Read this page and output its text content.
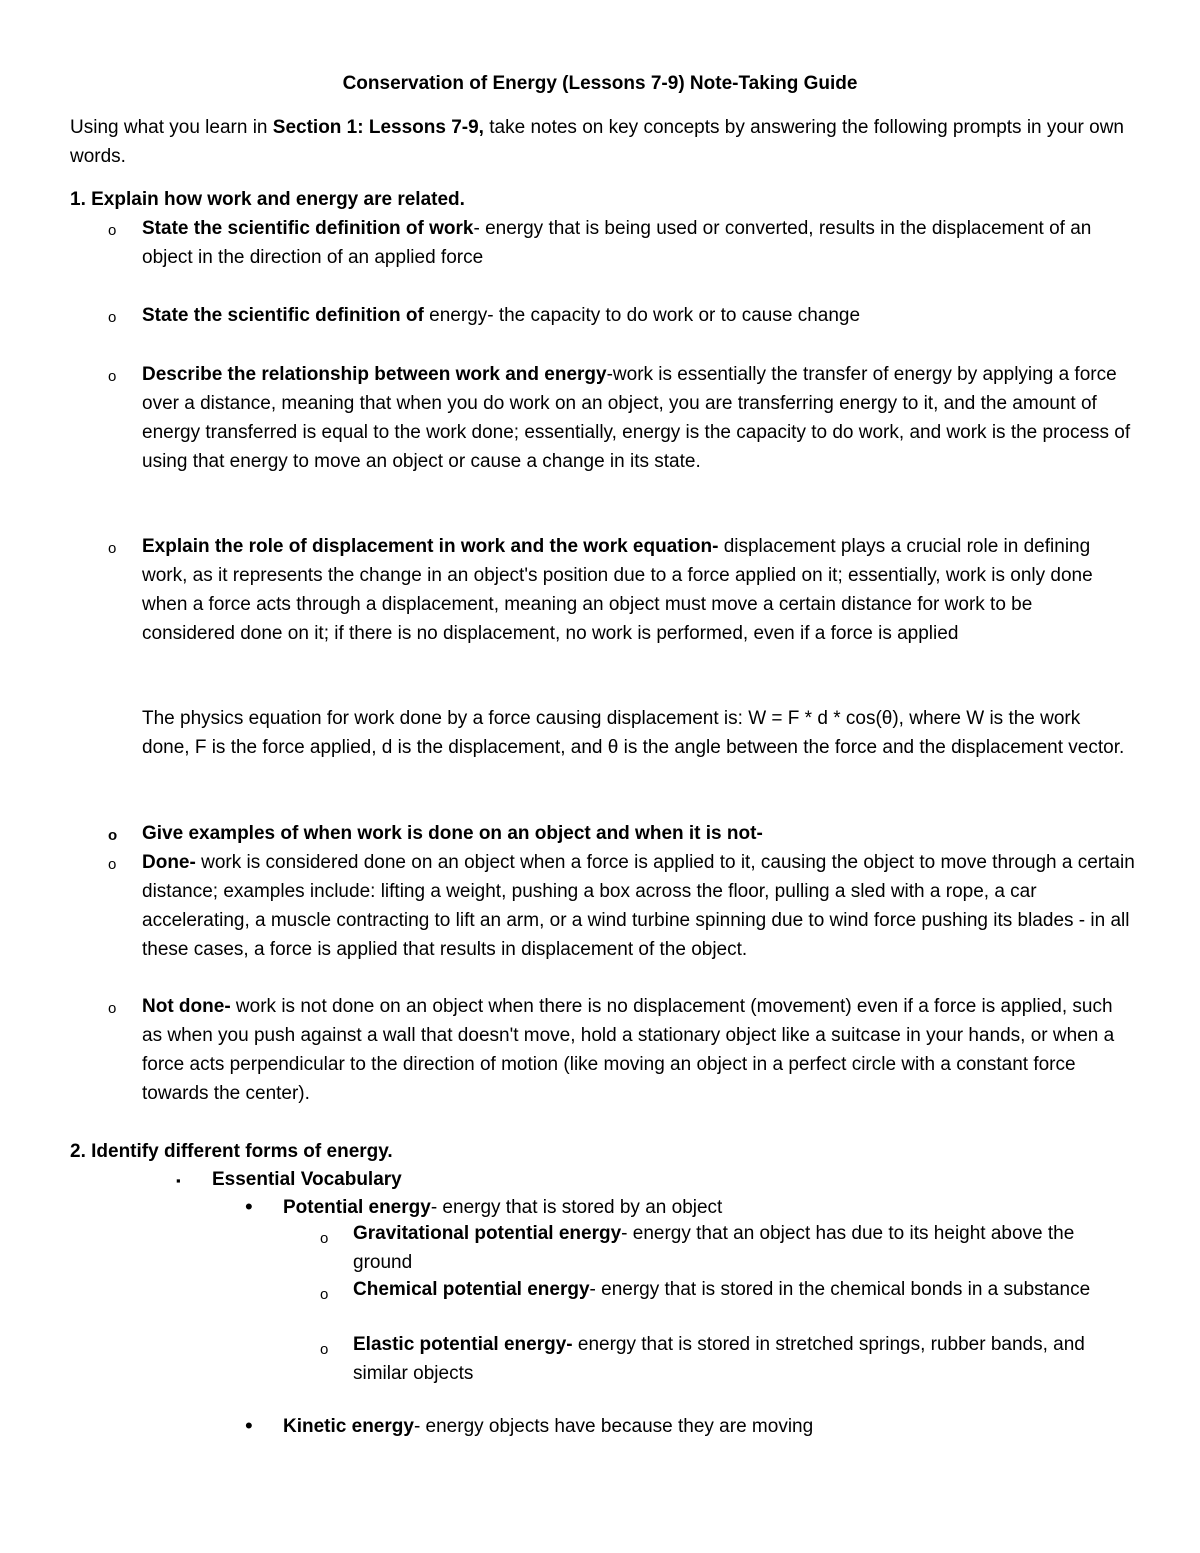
Conservation of Energy (Lessons 7-9) Note-Taking Guide
Using what you learn in Section 1: Lessons 7-9, take notes on key concepts by answering the following prompts in your own words.
1. Explain how work and energy are related.
o State the scientific definition of work- energy that is being used or converted, results in the displacement of an object in the direction of an applied force
o State the scientific definition of energy- the capacity to do work or to cause change
o Describe the relationship between work and energy-work is essentially the transfer of energy by applying a force over a distance, meaning that when you do work on an object, you are transferring energy to it, and the amount of energy transferred is equal to the work done; essentially, energy is the capacity to do work, and work is the process of using that energy to move an object or cause a change in its state.
o Explain the role of displacement in work and the work equation- displacement plays a crucial role in defining work, as it represents the change in an object's position due to a force applied on it; essentially, work is only done when a force acts through a displacement, meaning an object must move a certain distance for work to be considered done on it; if there is no displacement, no work is performed, even if a force is applied
The physics equation for work done by a force causing displacement is: W = F * d * cos(θ), where W is the work done, F is the force applied, d is the displacement, and θ is the angle between the force and the displacement vector.
o Give examples of when work is done on an object and when it is not-
o Done- work is considered done on an object when a force is applied to it, causing the object to move through a certain distance; examples include: lifting a weight, pushing a box across the floor, pulling a sled with a rope, a car accelerating, a muscle contracting to lift an arm, or a wind turbine spinning due to wind force pushing its blades - in all these cases, a force is applied that results in displacement of the object.
o Not done- work is not done on an object when there is no displacement (movement) even if a force is applied, such as when you push against a wall that doesn't move, hold a stationary object like a suitcase in your hands, or when a force acts perpendicular to the direction of motion (like moving an object in a perfect circle with a constant force towards the center).
2. Identify different forms of energy.
▪ Essential Vocabulary
• Potential energy- energy that is stored by an object
o Gravitational potential energy- energy that an object has due to its height above the ground
o Chemical potential energy- energy that is stored in the chemical bonds in a substance
o Elastic potential energy- energy that is stored in stretched springs, rubber bands, and similar objects
• Kinetic energy- energy objects have because they are moving
